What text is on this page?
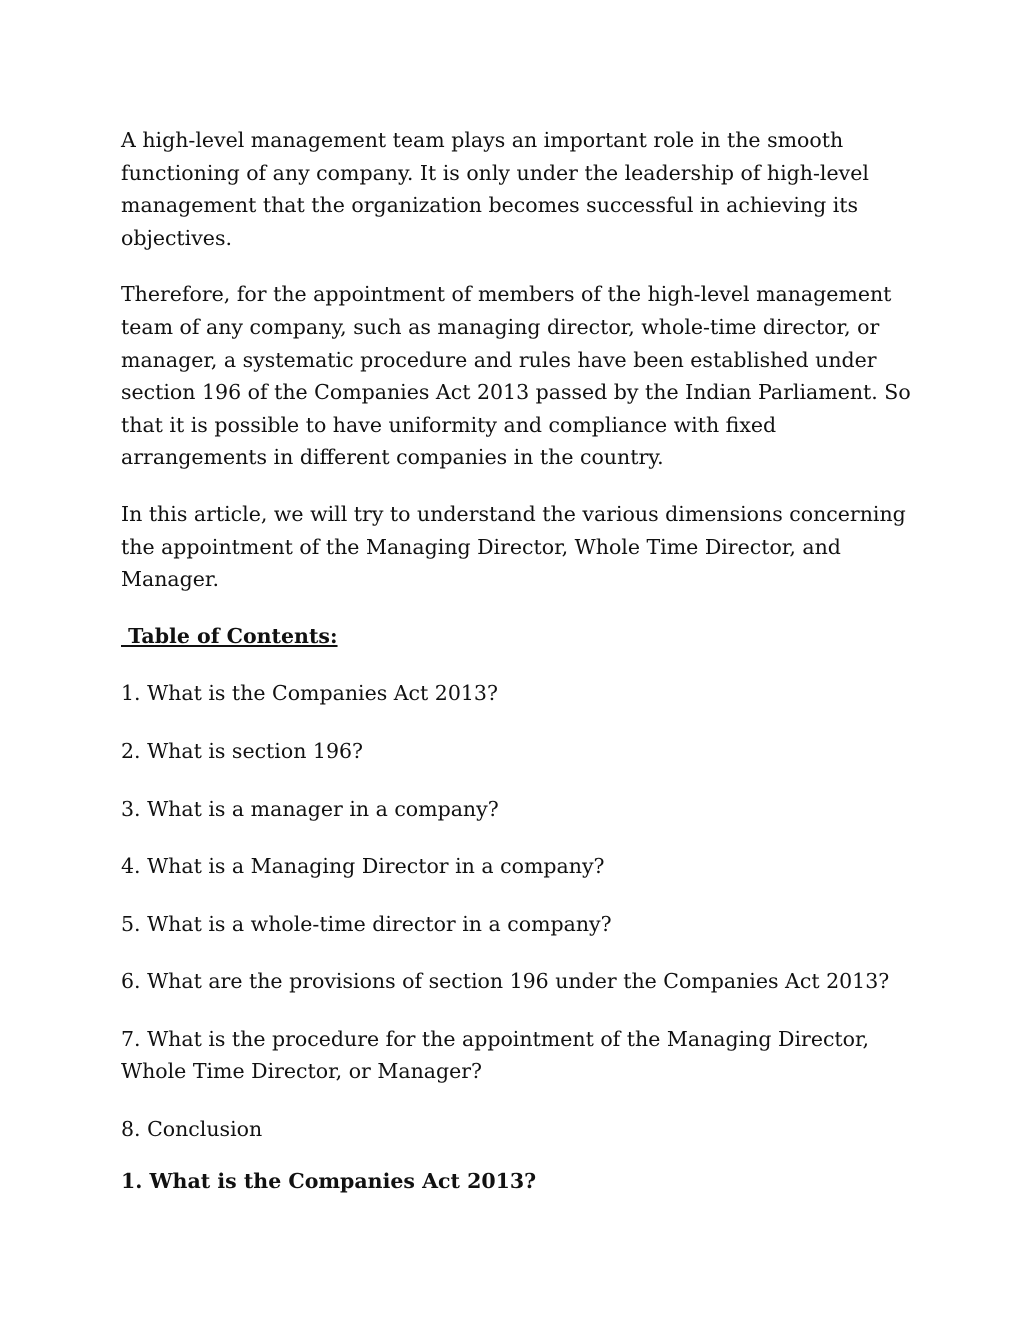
A high-level management team plays an important role in the smooth functioning of any company. It is only under the leadership of high-level management that the organization becomes successful in achieving its objectives.

Therefore, for the appointment of members of the high-level management team of any company, such as managing director, whole-time director, or manager, a systematic procedure and rules have been established under section 196 of the Companies Act 2013 passed by the Indian Parliament. So that it is possible to have uniformity and compliance with fixed arrangements in different companies in the country.

In this article, we will try to understand the various dimensions concerning the appointment of the Managing Director, Whole Time Director, and Manager.

Table of Contents:

1. What is the Companies Act 2013?

2. What is section 196?

3. What is a manager in a company?

4. What is a Managing Director in a company?

5. What is a whole-time director in a company?

6. What are the provisions of section 196 under the Companies Act 2013?

7. What is the procedure for the appointment of the Managing Director, Whole Time Director, or Manager?

8. Conclusion

1. What is the Companies Act 2013?
